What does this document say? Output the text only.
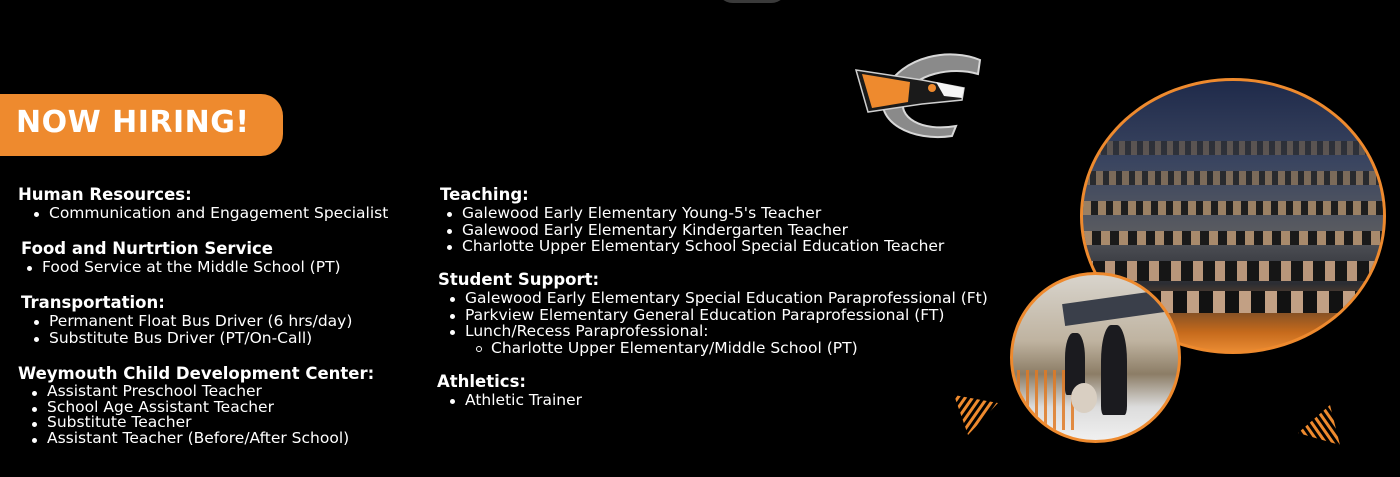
NOW HIRING!

Human Resources:

Communication and Engagement Specialist

Food and Nurtrtion Service

Food Service at the Middle School (PT)

Transportation:

Permanent Float Bus Driver (6 hrs/day)
Substitute Bus Driver (PT/On-Call)

Weymouth Child Development Center:

Assistant Preschool Teacher
School Age Assistant Teacher
Substitute Teacher
Assistant Teacher (Before/After School)

Teaching:

Galewood Early Elementary Young-5's Teacher
Galewood Early Elementary Kindergarten Teacher
Charlotte Upper Elementary School Special Education Teacher

Student Support:

Galewood Early Elementary Special Education Paraprofessional (Ft)
Parkview Elementary General Education Paraprofessional (FT)
Lunch/Recess Paraprofessional:
Charlotte Upper Elementary/Middle School (PT)

Athletics:

Athletic Trainer
